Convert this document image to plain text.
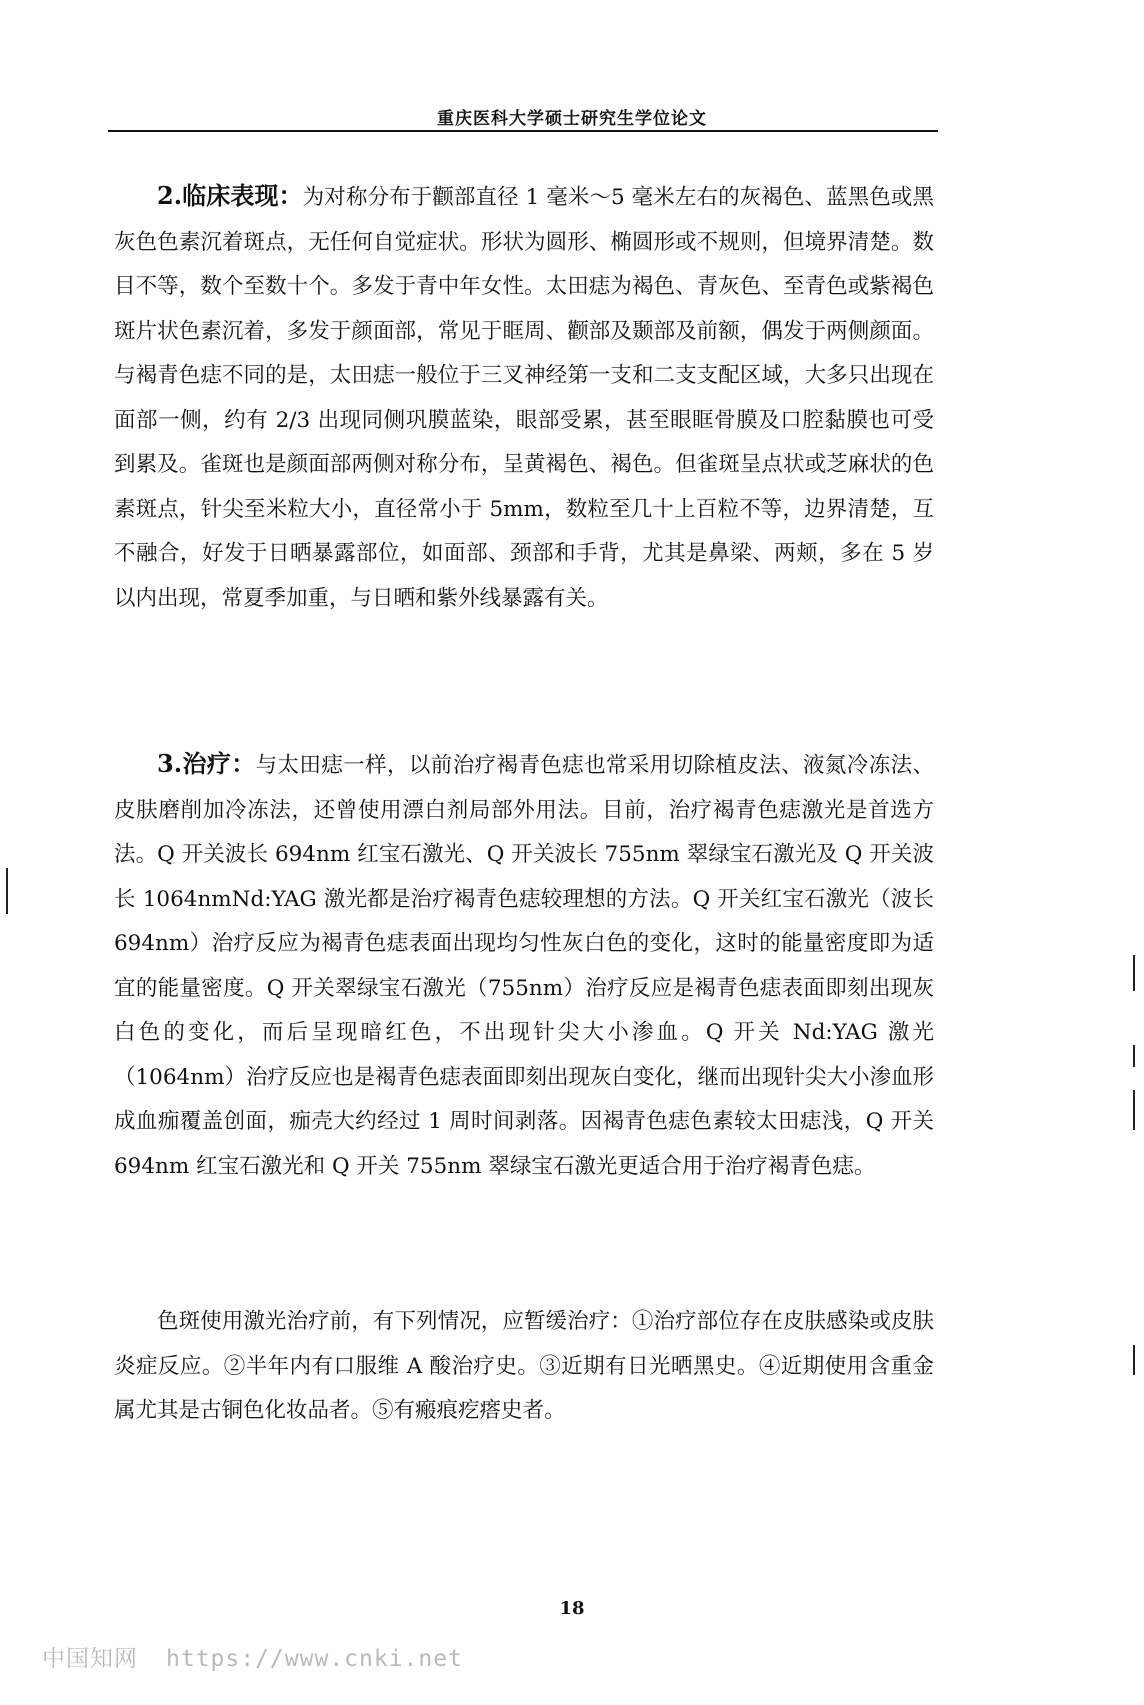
重庆医科大学硕士研究生学位论文

2.临床表现：为对称分布于颧部直径 1 毫米～5 毫米左右的灰褐色、蓝黑色或黑灰色色素沉着斑点，无任何自觉症状。形状为圆形、椭圆形或不规则，但境界清楚。数目不等，数个至数十个。多发于青中年女性。太田痣为褐色、青灰色、至青色或紫褐色斑片状色素沉着，多发于颜面部，常见于眶周、颧部及颞部及前额，偶发于两侧颜面。与褐青色痣不同的是，太田痣一般位于三叉神经第一支和二支支配区域，大多只出现在面部一侧，约有 2/3 出现同侧巩膜蓝染，眼部受累，甚至眼眶骨膜及口腔黏膜也可受到累及。雀斑也是颜面部两侧对称分布，呈黄褐色、褐色。但雀斑呈点状或芝麻状的色素斑点，针尖至米粒大小，直径常小于 5mm，数粒至几十上百粒不等，边界清楚，互不融合，好发于日晒暴露部位，如面部、颈部和手背，尤其是鼻梁、两颊，多在 5 岁以内出现，常夏季加重，与日晒和紫外线暴露有关。

3.治疗：与太田痣一样，以前治疗褐青色痣也常采用切除植皮法、液氮冷冻法、皮肤磨削加冷冻法，还曾使用漂白剂局部外用法。目前，治疗褐青色痣激光是首选方法。Q 开关波长 694nm 红宝石激光、Q 开关波长 755nm 翠绿宝石激光及 Q 开关波长 1064nmNd:YAG 激光都是治疗褐青色痣较理想的方法。Q 开关红宝石激光（波长 694nm）治疗反应为褐青色痣表面出现均匀性灰白色的变化，这时的能量密度即为适宜的能量密度。Q 开关翠绿宝石激光（755nm）治疗反应是褐青色痣表面即刻出现灰白色的变化，而后呈现暗红色，不出现针尖大小渗血。Q 开关 Nd:YAG 激光（1064nm）治疗反应也是褐青色痣表面即刻出现灰白变化，继而出现针尖大小渗血形成血痂覆盖创面，痂壳大约经过 1 周时间剥落。因褐青色痣色素较太田痣浅，Q 开关 694nm 红宝石激光和 Q 开关 755nm 翠绿宝石激光更适合用于治疗褐青色痣。

色斑使用激光治疗前，有下列情况，应暂缓治疗：①治疗部位存在皮肤感染或皮肤炎症反应。②半年内有口服维 A 酸治疗史。③近期有日光晒黑史。④近期使用含重金属尤其是古铜色化妆品者。⑤有瘢痕疙瘩史者。

18
中国知网 https://www.cnki.net
